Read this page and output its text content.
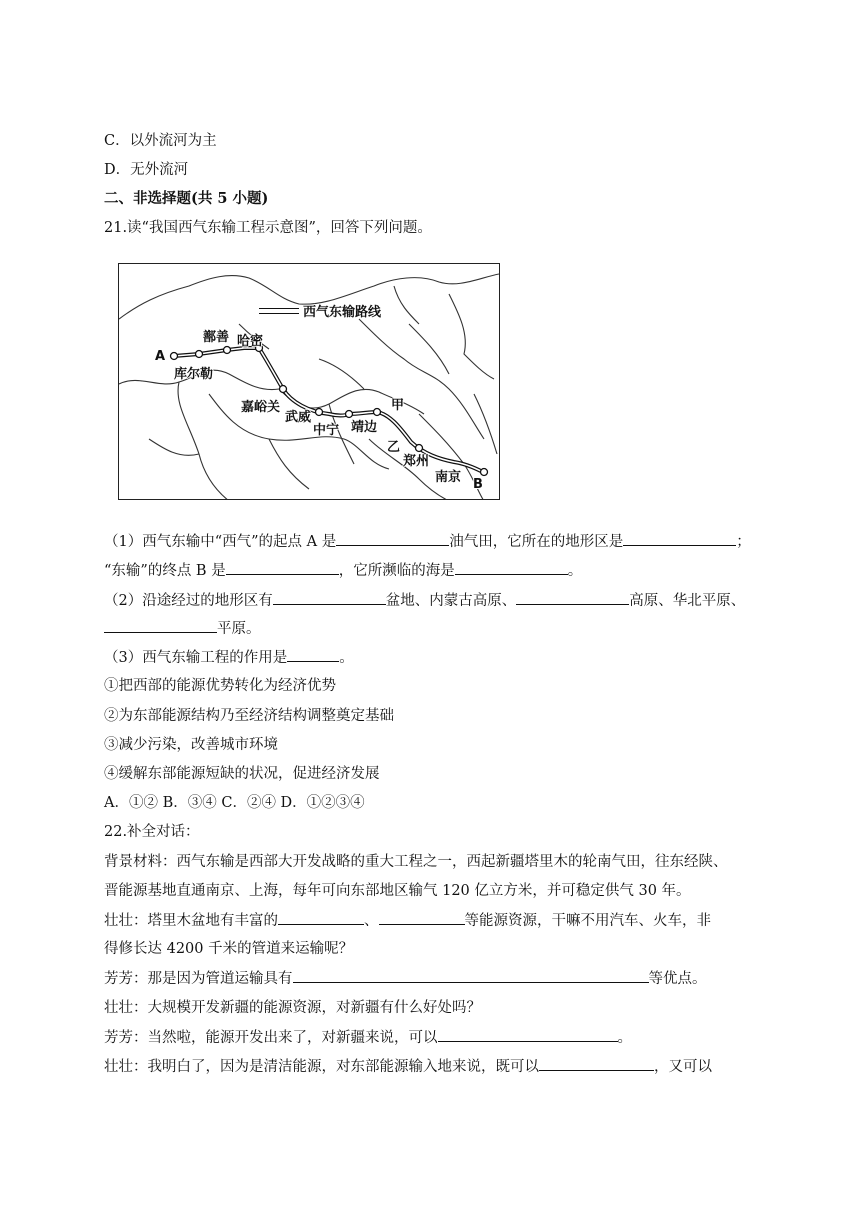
C．以外流河为主
D．无外流河
二、非选择题(共 5 小题)
21.读“我国西气东输工程示意图”，回答下列问题。
西气东输路线
A
库尔勒
鄯善 哈密
嘉峪关
武威
中宁 靖边
甲
乙
郑州
南京 B
（1）西气东输中“西气”的起点 A 是	油气田，它所在的地形区是	；
“东输”的终点 B 是	，它所濒临的海是	。
（2）沿途经过的地形区有	盆地、内蒙古高原、	高原、华北平原、
平原。
（3）西气东输工程的作用是	。
①把西部的能源优势转化为经济优势
②为东部能源结构乃至经济结构调整奠定基础
③减少污染，改善城市环境
④缓解东部能源短缺的状况，促进经济发展
A．①② B．③④ C．②④ D．①②③④
22.补全对话：
背景材料：西气东输是西部大开发战略的重大工程之一，西起新疆塔里木的轮南气田，往东经陕、
晋能源基地直通南京、上海，每年可向东部地区输气 120 亿立方米，并可稳定供气 30 年。
壮壮：塔里木盆地有丰富的	、	等能源资源，干嘛不用汽车、火车，非
得修长达 4200 千米的管道来运输呢？
芳芳：那是因为管道运输具有	等优点。
壮壮：大规模开发新疆的能源资源，对新疆有什么好处吗？
芳芳：当然啦，能源开发出来了，对新疆来说，可以	。
壮壮：我明白了，因为是清洁能源，对东部能源输入地来说，既可以	，又可以
